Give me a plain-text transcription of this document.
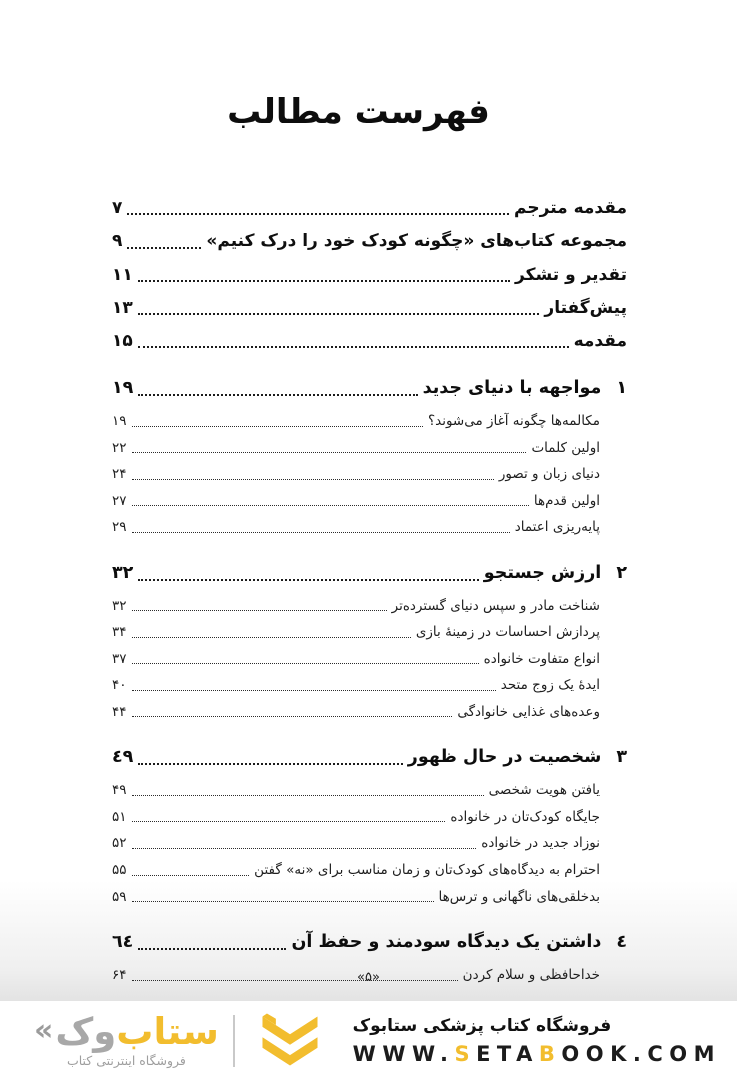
فهرست مطالب
مقدمه مترجم
۷
مجموعه کتاب‌های «چگونه کودک خود را درک کنیم»
۹
تقدیر و تشکر
۱۱
پیش‌گفتار
۱۳
مقدمه
۱۵
۱
مواجهه با دنیای جدید
۱۹
مکالمه‌ها چگونه آغاز می‌شوند؟
۱۹
اولین کلمات
۲۲
دنیای زبان و تصور
۲۴
اولین قدم‌ها
۲۷
پایه‌ریزی اعتماد
۲۹
۲
ارزش جستجو
۳۲
شناخت مادر و سپس دنیای گسترده‌تر
۳۲
پردازش احساسات در زمینهٔ بازی
۳۴
انواع متفاوت خانواده
۳۷
ایدهٔ یک زوج متحد
۴۰
وعده‌های غذایی خانوادگی
۴۴
۳
شخصیت در حال ظهور
٤۹
یافتن هویت شخصی
۴۹
جایگاه کودک‌تان در خانواده
۵۱
نوزاد جدید در خانواده
۵۲
احترام به دیدگاه‌های کودک‌تان و زمان مناسب برای «نه» گفتن
۵۵
بدخلقی‌های ناگهانی و ترس‌ها
۵۹
٤
داشتن یک دیدگاه سودمند و حفظ آن
٦٤
خداحافظی و سلام کردن
۶۴	«۵»
« وک ستاب
فروشگاه اینترنتی کتاب
فروشگاه کتاب پزشکی ستابوک
WWW.SETABOOK.COM
